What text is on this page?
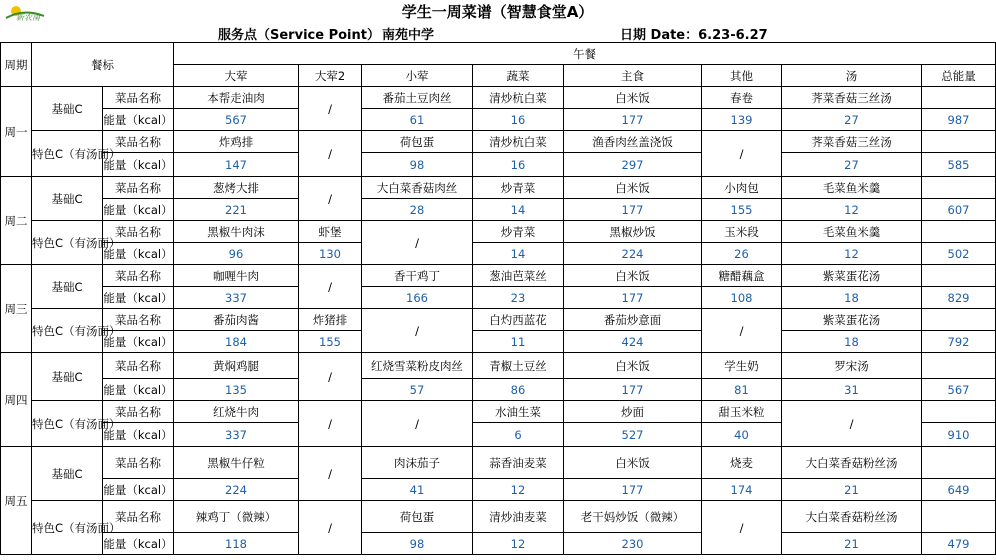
新农南	学生一周菜谱（智慧食堂A）
服务点（Service Point） 南苑中学	日期 Date：6.23-6.27
周期	餐标		午餐							
			大荤	大荤2	小荤	蔬菜	主食	其他	汤	总能量
周一	基础C	菜品名称	本帮走油肉	/	番茄土豆肉丝	清炒杭白菜	白米饭	春卷	荠菜香菇三丝汤	
		能量（kcal）	567		61	16	177	139	27	987
	特色C（有汤面）	菜品名称	炸鸡排	/	荷包蛋	清炒杭白菜	渔香肉丝盖浇饭	/	荠菜香菇三丝汤	
		能量（kcal）	147		98	16	297		27	585
周二	基础C	菜品名称	葱烤大排	/	大白菜香菇肉丝	炒青菜	白米饭	小肉包	毛菜鱼米羹	
		能量（kcal）	221		28	14	177	155	12	607
	特色C（有汤面）	菜品名称	黑椒牛肉沫	虾堡	/	炒青菜	黑椒炒饭	玉米段	毛菜鱼米羹	
		能量（kcal）	96	130		14	224	26	12	502
周三	基础C	菜品名称	咖喱牛肉	/	香干鸡丁	葱油芭菜丝	白米饭	糖醋藕盒	紫菜蛋花汤	
		能量（kcal）	337		166	23	177	108	18	829
	特色C（有汤面）	菜品名称	番茄肉酱	炸猪排	/	白灼西蓝花	番茄炒意面	/	紫菜蛋花汤	
		能量（kcal）	184	155		11	424		18	792
周四	基础C	菜品名称	黄焖鸡腿	/	红烧雪菜粉皮肉丝	青椒土豆丝	白米饭	学生奶	罗宋汤	
		能量（kcal）	135		57	86	177	81	31	567
	特色C（有汤面）	菜品名称	红烧牛肉	/	/	水油生菜	炒面	甜玉米粒	/	
		能量（kcal）	337			6	527	40		910
周五	基础C	菜品名称	黑椒牛仔粒	/	肉沫茄子	蒜香油麦菜	白米饭	烧麦	大白菜香菇粉丝汤	
		能量（kcal）	224		41	12	177	174	21	649
	特色C（有汤面）	菜品名称	辣鸡丁（微辣）	/	荷包蛋	清炒油麦菜	老干妈炒饭（微辣）	/	大白菜香菇粉丝汤	
		能量（kcal）	118		98	12	230		21	479
